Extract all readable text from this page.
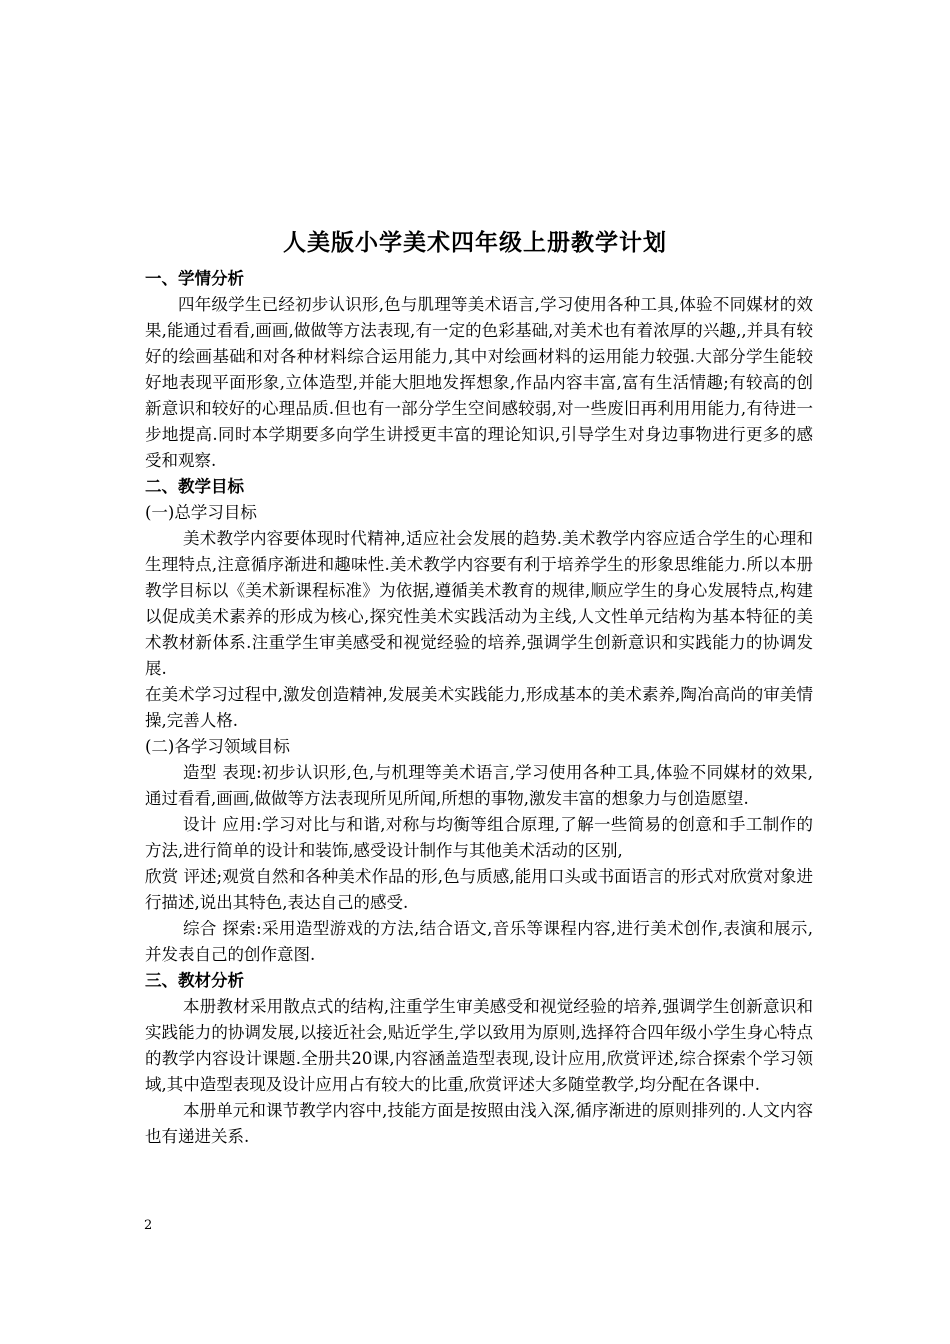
人美版小学美术四年级上册教学计划

一、学情分析

四年级学生已经初步认识形,色与肌理等美术语言,学习使用各种工具,体验不同媒材的效果,能通过看看,画画,做做等方法表现,有一定的色彩基础,对美术也有着浓厚的兴趣,,并具有较好的绘画基础和对各种材料综合运用能力,其中对绘画材料的运用能力较强.大部分学生能较好地表现平面形象,立体造型,并能大胆地发挥想象,作品内容丰富,富有生活情趣;有较高的创新意识和较好的心理品质.但也有一部分学生空间感较弱,对一些废旧再利用用能力,有待进一步地提高.同时本学期要多向学生讲授更丰富的理论知识,引导学生对身边事物进行更多的感受和观察.

二、教学目标

(一)总学习目标

美术教学内容要体现时代精神,适应社会发展的趋势.美术教学内容应适合学生的心理和生理特点,注意循序渐进和趣味性.美术教学内容要有利于培养学生的形象思维能力.所以本册教学目标以《美术新课程标准》为依据,遵循美术教育的规律,顺应学生的身心发展特点,构建以促成美术素养的形成为核心,探究性美术实践活动为主线,人文性单元结构为基本特征的美术教材新体系.注重学生审美感受和视觉经验的培养,强调学生创新意识和实践能力的协调发展.

在美术学习过程中,激发创造精神,发展美术实践能力,形成基本的美术素养,陶冶高尚的审美情操,完善人格.

(二)各学习领域目标

造型 表现:初步认识形,色,与机理等美术语言,学习使用各种工具,体验不同媒材的效果,通过看看,画画,做做等方法表现所见所闻,所想的事物,激发丰富的想象力与创造愿望.

设计 应用:学习对比与和谐,对称与均衡等组合原理,了解一些简易的创意和手工制作的方法,进行简单的设计和装饰,感受设计制作与其他美术活动的区别,

欣赏 评述;观赏自然和各种美术作品的形,色与质感,能用口头或书面语言的形式对欣赏对象进行描述,说出其特色,表达自己的感受.

综合 探索:采用造型游戏的方法,结合语文,音乐等课程内容,进行美术创作,表演和展示,并发表自己的创作意图.

三、教材分析

本册教材采用散点式的结构,注重学生审美感受和视觉经验的培养,强调学生创新意识和实践能力的协调发展,以接近社会,贴近学生,学以致用为原则,选择符合四年级小学生身心特点的教学内容设计课题.全册共20课,内容涵盖造型表现,设计应用,欣赏评述,综合探索个学习领域,其中造型表现及设计应用占有较大的比重,欣赏评述大多随堂教学,均分配在各课中.

本册单元和课节教学内容中,技能方面是按照由浅入深,循序渐进的原则排列的.人文内容也有递进关系.

2
